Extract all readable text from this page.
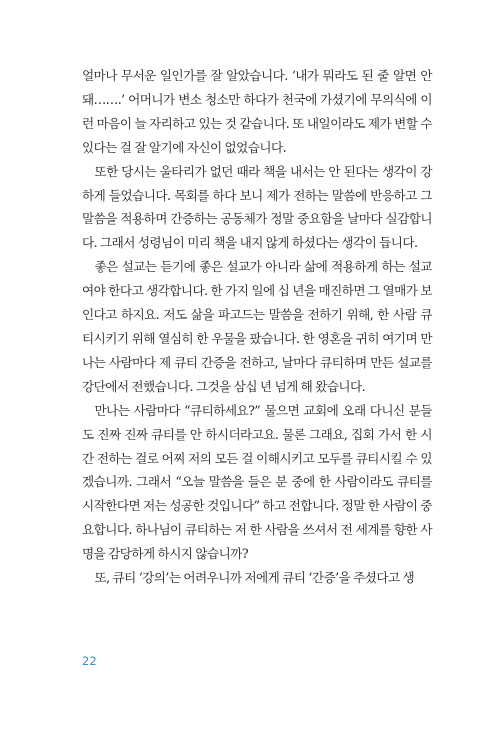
얼마나 무서운 일인가를 잘 알았습니다. ‘내가 뭐라도 된 줄 알면 안 돼…….’ 어머니가 변소 청소만 하다가 천국에 가셨기에 무의식에 이런 마음이 늘 자리하고 있는 것 같습니다. 또 내일이라도 제가 변할 수 있다는 걸 잘 알기에 자신이 없었습니다.

또한 당시는 울타리가 없던 때라 책을 내서는 안 된다는 생각이 강하게 들었습니다. 목회를 하다 보니 제가 전하는 말씀에 반응하고 그 말씀을 적용하며 간증하는 공동체가 정말 중요함을 날마다 실감합니다. 그래서 성령님이 미리 책을 내지 않게 하셨다는 생각이 듭니다.

좋은 설교는 듣기에 좋은 설교가 아니라 삶에 적용하게 하는 설교여야 한다고 생각합니다. 한 가지 일에 십 년을 매진하면 그 열매가 보인다고 하지요. 저도 삶을 파고드는 말씀을 전하기 위해, 한 사람 큐티시키기 위해 열심히 한 우물을 팠습니다. 한 영혼을 귀히 여기며 만나는 사람마다 제 큐티 간증을 전하고, 날마다 큐티하며 만든 설교를 강단에서 전했습니다. 그것을 삼십 년 넘게 해 왔습니다.

만나는 사람마다 “큐티하세요?” 물으면 교회에 오래 다니신 분들도 진짜 진짜 큐티를 안 하시더라고요. 물론 그래요, 집회 가서 한 시간 전하는 걸로 어찌 저의 모든 걸 이해시키고 모두를 큐티시킬 수 있겠습니까. 그래서 “오늘 말씀을 들은 분 중에 한 사람이라도 큐티를 시작한다면 저는 성공한 것입니다” 하고 전합니다. 정말 한 사람이 중요합니다. 하나님이 큐티하는 저 한 사람을 쓰셔서 전 세계를 향한 사명을 감당하게 하시지 않습니까?

또, 큐티 ‘강의’는 어려우니까 저에게 큐티 ‘간증’을 주셨다고 생

22
